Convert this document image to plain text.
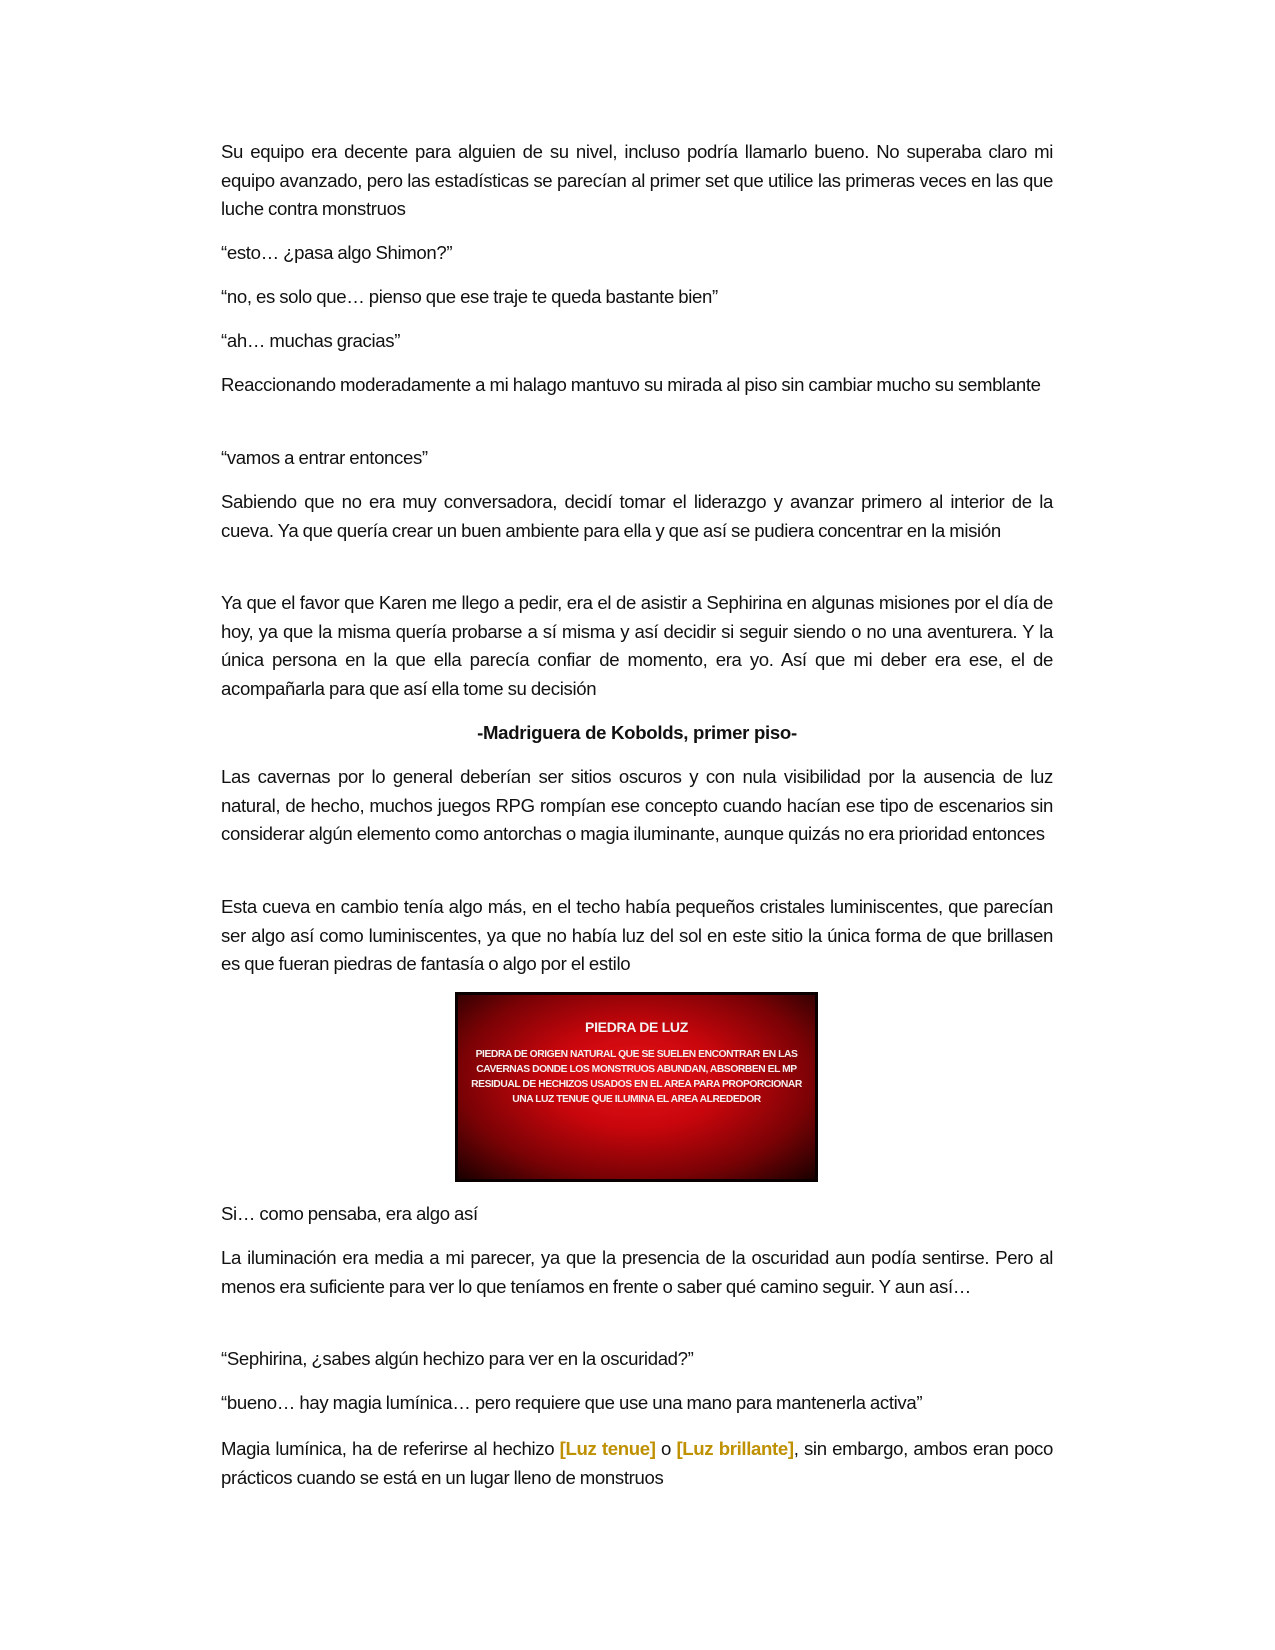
Su equipo era decente para alguien de su nivel, incluso podría llamarlo bueno. No superaba claro mi equipo avanzado, pero las estadísticas se parecían al primer set que utilice las primeras veces en las que luche contra monstruos

“esto… ¿pasa algo Shimon?”

“no, es solo que… pienso que ese traje te queda bastante bien”

“ah… muchas gracias”

Reaccionando moderadamente a mi halago mantuvo su mirada al piso sin cambiar mucho su semblante

“vamos a entrar entonces”

Sabiendo que no era muy conversadora, decidí tomar el liderazgo y avanzar primero al interior de la cueva. Ya que quería crear un buen ambiente para ella y que así se pudiera concentrar en la misión

Ya que el favor que Karen me llego a pedir, era el de asistir a Sephirina en algunas misiones por el día de hoy, ya que la misma quería probarse a sí misma y así decidir si seguir siendo o no una aventurera. Y la única persona en la que ella parecía confiar de momento, era yo. Así que mi deber era ese, el de acompañarla para que así ella tome su decisión

-Madriguera de Kobolds, primer piso-

Las cavernas por lo general deberían ser sitios oscuros y con nula visibilidad por la ausencia de luz natural, de hecho, muchos juegos RPG rompían ese concepto cuando hacían ese tipo de escenarios sin considerar algún elemento como antorchas o magia iluminante, aunque quizás no era prioridad entonces

Esta cueva en cambio tenía algo más, en el techo había pequeños cristales luminiscentes, que parecían ser algo así como luminiscentes, ya que no había luz del sol en este sitio la única forma de que brillasen es que fueran piedras de fantasía o algo por el estilo

Si… como pensaba, era algo así

La iluminación era media a mi parecer, ya que la presencia de la oscuridad aun podía sentirse. Pero al menos era suficiente para ver lo que teníamos en frente o saber qué camino seguir. Y aun así…

“Sephirina, ¿sabes algún hechizo para ver en la oscuridad?”

“bueno… hay magia lumínica… pero requiere que use una mano para mantenerla activa”

Magia lumínica, ha de referirse al hechizo [Luz tenue] o [Luz brillante], sin embargo, ambos eran poco prácticos cuando se está en un lugar lleno de monstruos

PIEDRA DE LUZ
PIEDRA DE ORIGEN NATURAL QUE SE SUELEN ENCONTRAR EN LAS CAVERNAS DONDE LOS MONSTRUOS ABUNDAN, ABSORBEN EL MP RESIDUAL DE HECHIZOS USADOS EN EL AREA PARA PROPORCIONAR UNA LUZ TENUE QUE ILUMINA EL AREA ALREDEDOR
